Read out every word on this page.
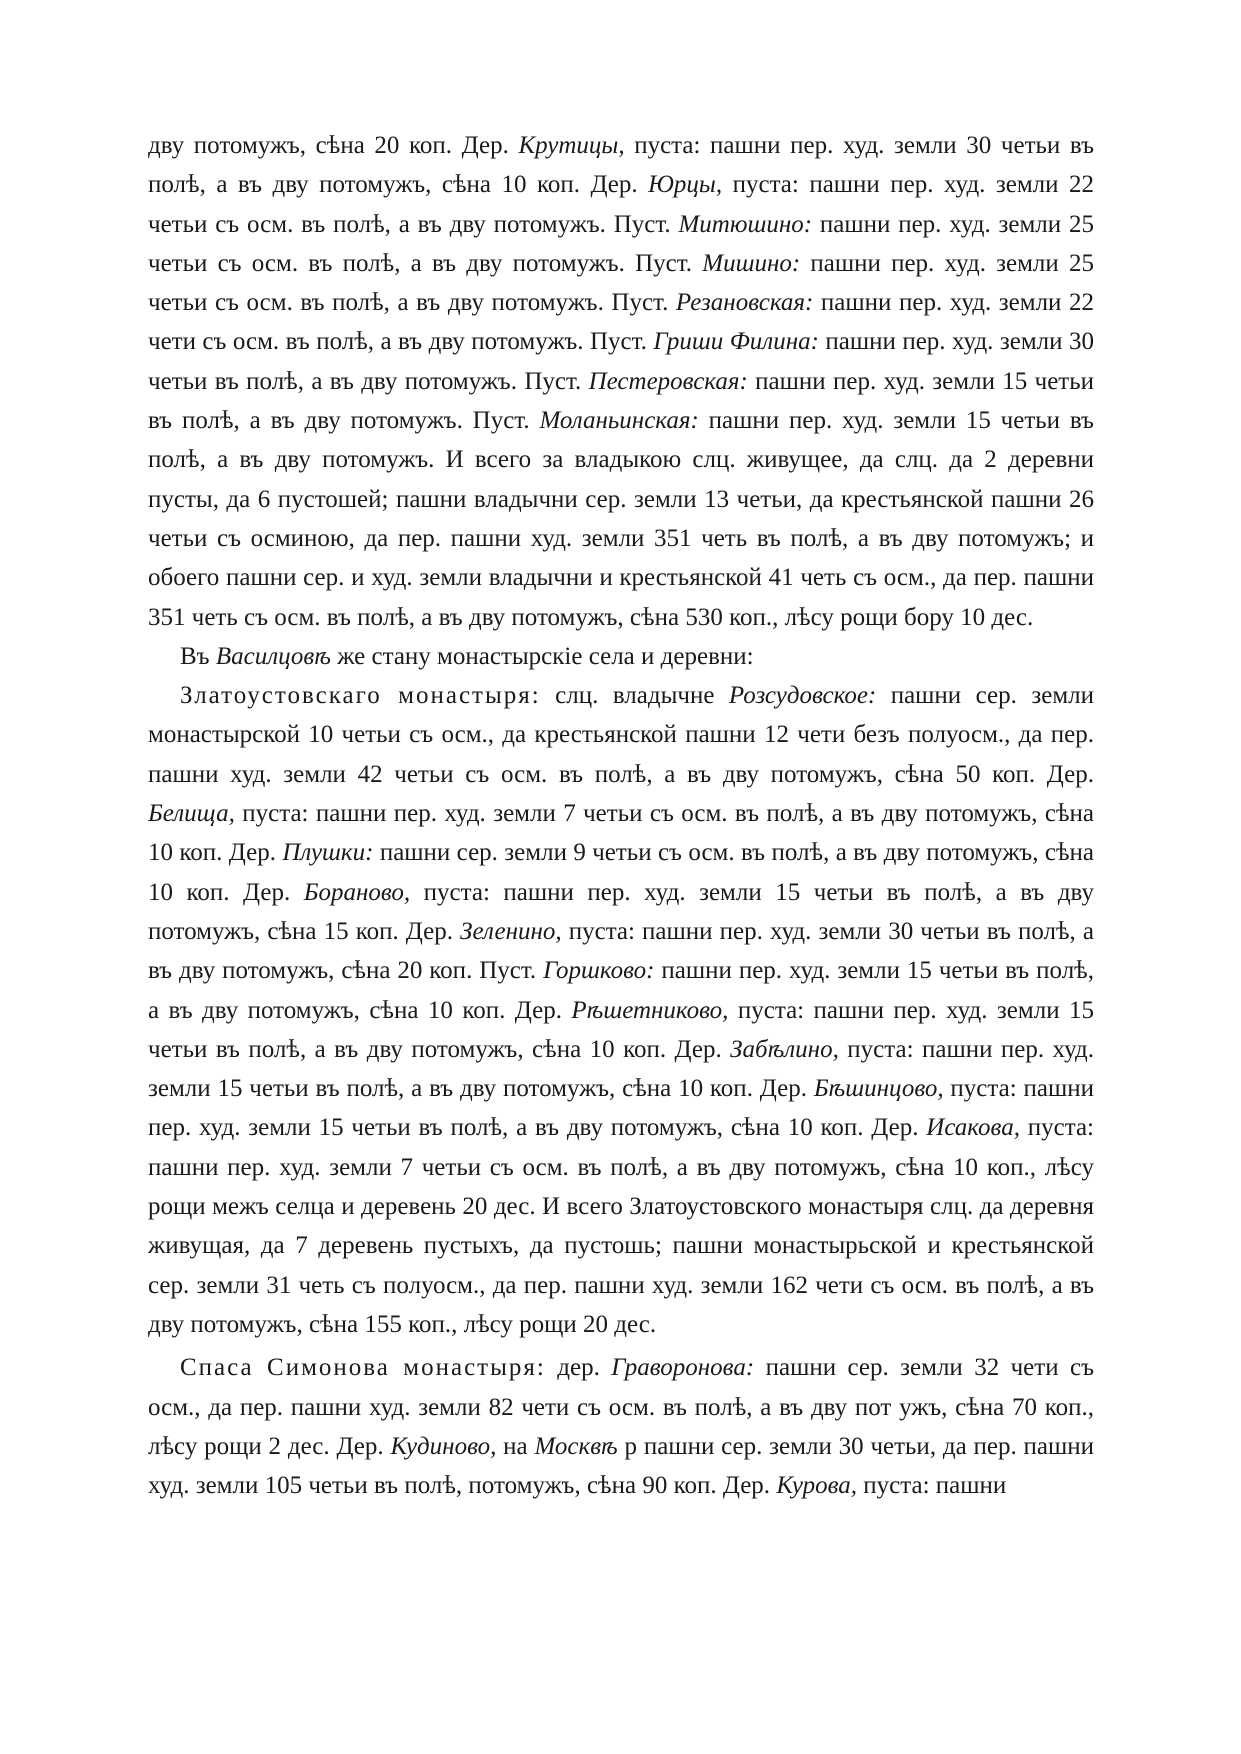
дву потомужъ, сѣна 20 коп. Дер. Крутицы, пуста: пашни пер. худ. земли 30 четьи въ полѣ, а въ дву потомужъ, сѣна 10 коп. Дер. Юрцы, пуста: пашни пер. худ. земли 22 четьи съ осм. въ полѣ, а въ дву потомужъ. Пуст. Митюшино: пашни пер. худ. земли 25 четьи съ осм. въ полѣ, а въ дву потомужъ. Пуст. Мишино: пашни пер. худ. земли 25 четьи съ осм. въ полѣ, а въ дву потомужъ. Пуст. Резановская: пашни пер. худ. земли 22 чети съ осм. въ полѣ, а въ дву потомужъ. Пуст. Гриши Филина: пашни пер. худ. земли 30 четьи въ полѣ, а въ дву потомужъ. Пуст. Пестеровская: пашни пер. худ. земли 15 четьи въ полѣ, а въ дву потомужъ. Пуст. Моланьинская: пашни пер. худ. земли 15 четьи въ полѣ, а въ дву потомужъ. И всего за владыкою слц. живущее, да слц. да 2 деревни пусты, да 6 пустошей; пашни владычни сер. земли 13 четьи, да крестьянской пашни 26 четьи съ осминою, да пер. пашни худ. земли 351 четь въ полѣ, а въ дву потомужъ; и обоего пашни сер. и худ. земли владычни и крестьянской 41 четь съ осм., да пер. пашни 351 четь съ осм. въ полѣ, а въ дву потомужъ, сѣна 530 коп., лѣсу рощи бору 10 дес.

Въ Василцовѣ же стану монастырскіе села и деревни:

Златоустовскаго монастыря: слц. владычне Розсудовское: пашни сер. земли монастырской 10 четьи съ осм., да крестьянской пашни 12 чети безъ полуосм., да пер. пашни худ. земли 42 четьи съ осм. въ полѣ, а въ дву потомужъ, сѣна 50 коп. Дер. Белища, пуста: пашни пер. худ. земли 7 четьи съ осм. въ полѣ, а въ дву потомужъ, сѣна 10 коп. Дер. Плушки: пашни сер. земли 9 четьи съ осм. въ полѣ, а въ дву потомужъ, сѣна 10 коп. Дер. Бораново, пуста: пашни пер. худ. земли 15 четьи въ полѣ, а въ дву потомужъ, сѣна 15 коп. Дер. Зеленино, пуста: пашни пер. худ. земли 30 четьи въ полѣ, а въ дву потомужъ, сѣна 20 коп. Пуст. Горшково: пашни пер. худ. земли 15 четьи въ полѣ, а въ дву потомужъ, сѣна 10 коп. Дер. Рѣшетниково, пуста: пашни пер. худ. земли 15 четьи въ полѣ, а въ дву потомужъ, сѣна 10 коп. Дер. Забѣлино, пуста: пашни пер. худ. земли 15 четьи въ полѣ, а въ дву потомужъ, сѣна 10 коп. Дер. Бѣшинцово, пуста: пашни пер. худ. земли 15 четьи въ полѣ, а въ дву потомужъ, сѣна 10 коп. Дер. Исакова, пуста: пашни пер. худ. земли 7 четьи съ осм. въ полѣ, а въ дву потомужъ, сѣна 10 коп., лѣсу рощи межъ селца и деревень 20 дес. И всего Златоустовского монастыря слц. да деревня живущая, да 7 деревень пустыхъ, да пустошь; пашни монастырьской и крестьянской сер. земли 31 четь съ полуосм., да пер. пашни худ. земли 162 чети съ осм. въ полѣ, а въ дву потомужъ, сѣна 155 коп., лѣсу рощи 20 дес.

Спаса Симонова монастыря: дер. Граворонова: пашни сер. земли 32 чети съ осм., да пер. пашни худ. земли 82 чети съ осм. въ полѣ, а въ дву пот ужъ, сѣна 70 коп., лѣсу рощи 2 дес. Дер. Кудиново, на Москвѣ р пашни сер. земли 30 четьи, да пер. пашни худ. земли 105 четьи въ полѣ, потомужъ, сѣна 90 коп. Дер. Курова, пуста: пашни
